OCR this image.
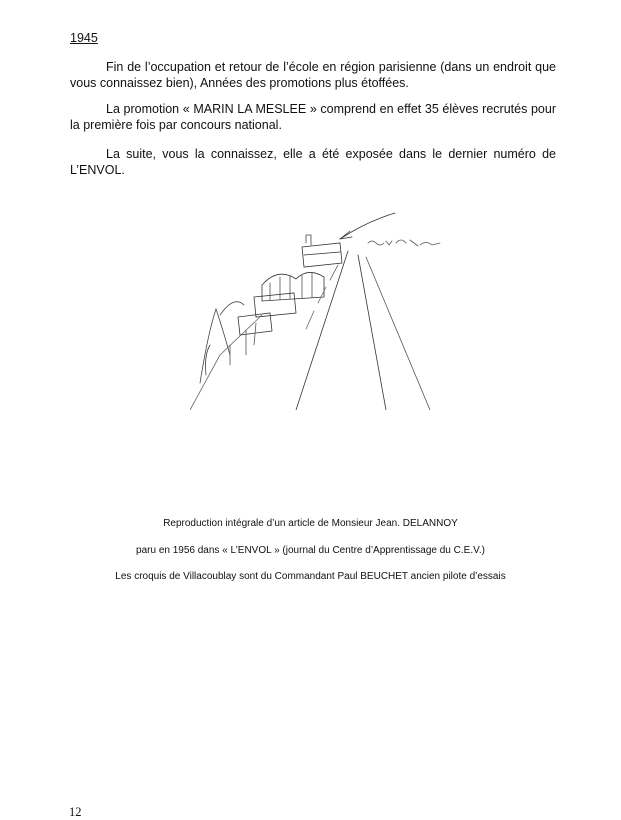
1945
Fin de l’occupation et retour de l’école en région parisienne (dans un endroit que vous connaissez bien), Années des promotions plus étoffées.
La promotion « MARIN LA MESLEE » comprend en effet 35 élèves recrutés pour la première fois par concours national.
La suite, vous la connaissez, elle a été exposée dans le dernier numéro de L’ENVOL.
Reproduction intégrale d’un article de Monsieur Jean. DELANNOY
paru en 1956 dans « L’ENVOL » (journal du Centre d’Apprentissage du C.E.V.)
Les croquis de Villacoublay sont du Commandant Paul BEUCHET ancien pilote d’essais
12
